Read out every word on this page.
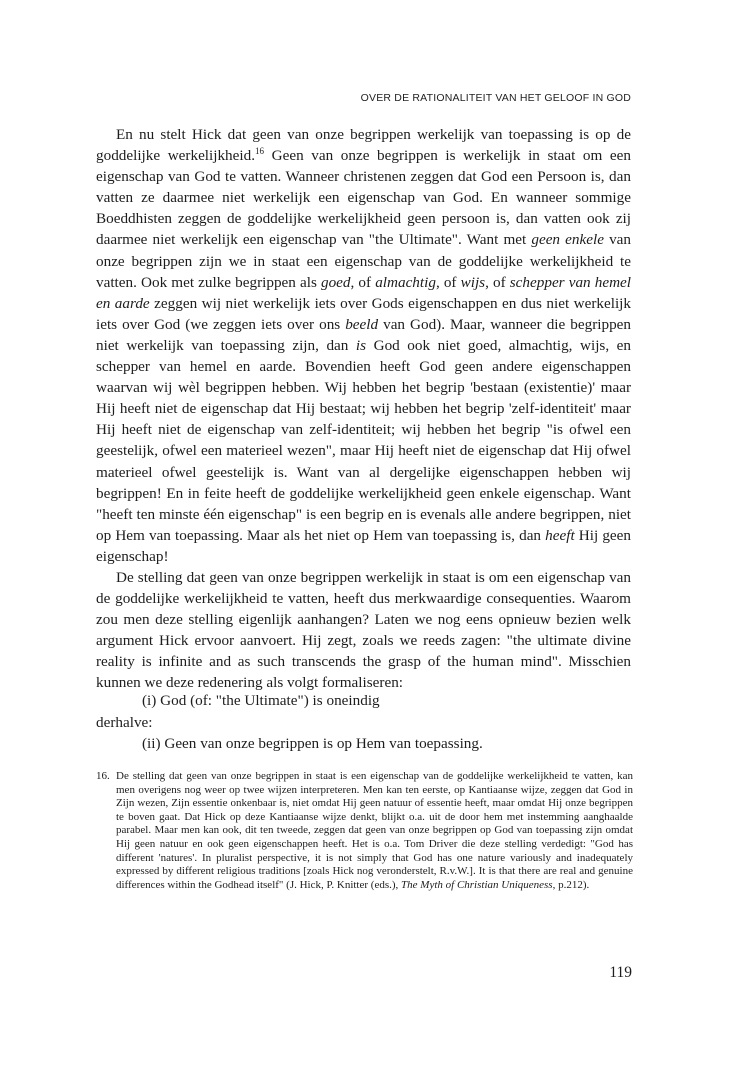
OVER DE RATIONALITEIT VAN HET GELOOF IN GOD

En nu stelt Hick dat geen van onze begrippen werkelijk van toepassing is op de goddelijke werkelijkheid.$^{16}$ Geen van onze begrippen is werkelijk in staat om een eigenschap van God te vatten. Wanneer christenen zeggen dat God een Persoon is, dan vatten ze daarmee niet werkelijk een eigenschap van God. En wanneer sommige Boeddhisten zeggen de goddelijke werkelijkheid geen persoon is, dan vatten ook zij daarmee niet werkelijk een eigenschap van "the Ultimate". Want met geen enkele van onze begrippen zijn we in staat een eigenschap van de goddelijke werkelijkheid te vatten. Ook met zulke begrippen als goed, of almachtig, of wijs, of schepper van hemel en aarde zeggen wij niet werkelijk iets over Gods eigenschappen en dus niet werkelijk iets over God (we zeggen iets over ons beeld van God). Maar, wanneer die begrippen niet werkelijk van toepassing zijn, dan is God ook niet goed, almachtig, wijs, en schepper van hemel en aarde. Bovendien heeft God geen andere eigenschappen waarvan wij wèl begrippen hebben. Wij hebben het begrip 'bestaan (existentie)' maar Hij heeft niet de eigenschap dat Hij bestaat; wij hebben het begrip 'zelf-identiteit' maar Hij heeft niet de eigenschap van zelf-identiteit; wij hebben het begrip "is ofwel een geestelijk, ofwel een materieel wezen", maar Hij heeft niet de eigenschap dat Hij ofwel materieel ofwel geestelijk is. Want van al dergelijke eigenschappen hebben wij begrippen! En in feite heeft de goddelijke werkelijkheid geen enkele eigenschap. Want "heeft ten minste één eigenschap" is een begrip en is evenals alle andere begrippen, niet op Hem van toepassing. Maar als het niet op Hem van toepassing is, dan heeft Hij geen eigenschap!

De stelling dat geen van onze begrippen werkelijk in staat is om een eigenschap van de goddelijke werkelijkheid te vatten, heeft dus merkwaardige consequenties. Waarom zou men deze stelling eigenlijk aanhangen? Laten we nog eens opnieuw bezien welk argument Hick ervoor aanvoert. Hij zegt, zoals we reeds zagen: "the ultimate divine reality is infinite and as such transcends the grasp of the human mind". Misschien kunnen we deze redenering als volgt formaliseren:

(i) God (of: "the Ultimate") is oneindig
derhalve:
(ii) Geen van onze begrippen is op Hem van toepassing.
16. De stelling dat geen van onze begrippen in staat is een eigenschap van de goddelijke werkelijkheid te vatten, kan men overigens nog weer op twee wijzen interpreteren. Men kan ten eerste, op Kantiaanse wijze, zeggen dat God in Zijn wezen, Zijn essentie onkenbaar is, niet omdat Hij geen natuur of essentie heeft, maar omdat Hij onze begrippen te boven gaat. Dat Hick op deze Kantiaanse wijze denkt, blijkt o.a. uit de door hem met instemming aanghaalde parabel. Maar men kan ook, dit ten tweede, zeggen dat geen van onze begrippen op God van toepassing zijn omdat Hij geen natuur en ook geen eigenschappen heeft. Het is o.a. Tom Driver die deze stelling verdedigt: "God has different 'natures'. In pluralist perspective, it is not simply that God has one nature variously and inadequately expressed by different religious traditions [zoals Hick nog veronderstelt, R.v.W.]. It is that there are real and genuine differences within the Godhead itself" (J. Hick, P. Knitter (eds.), The Myth of Christian Uniqueness, p.212).
119
